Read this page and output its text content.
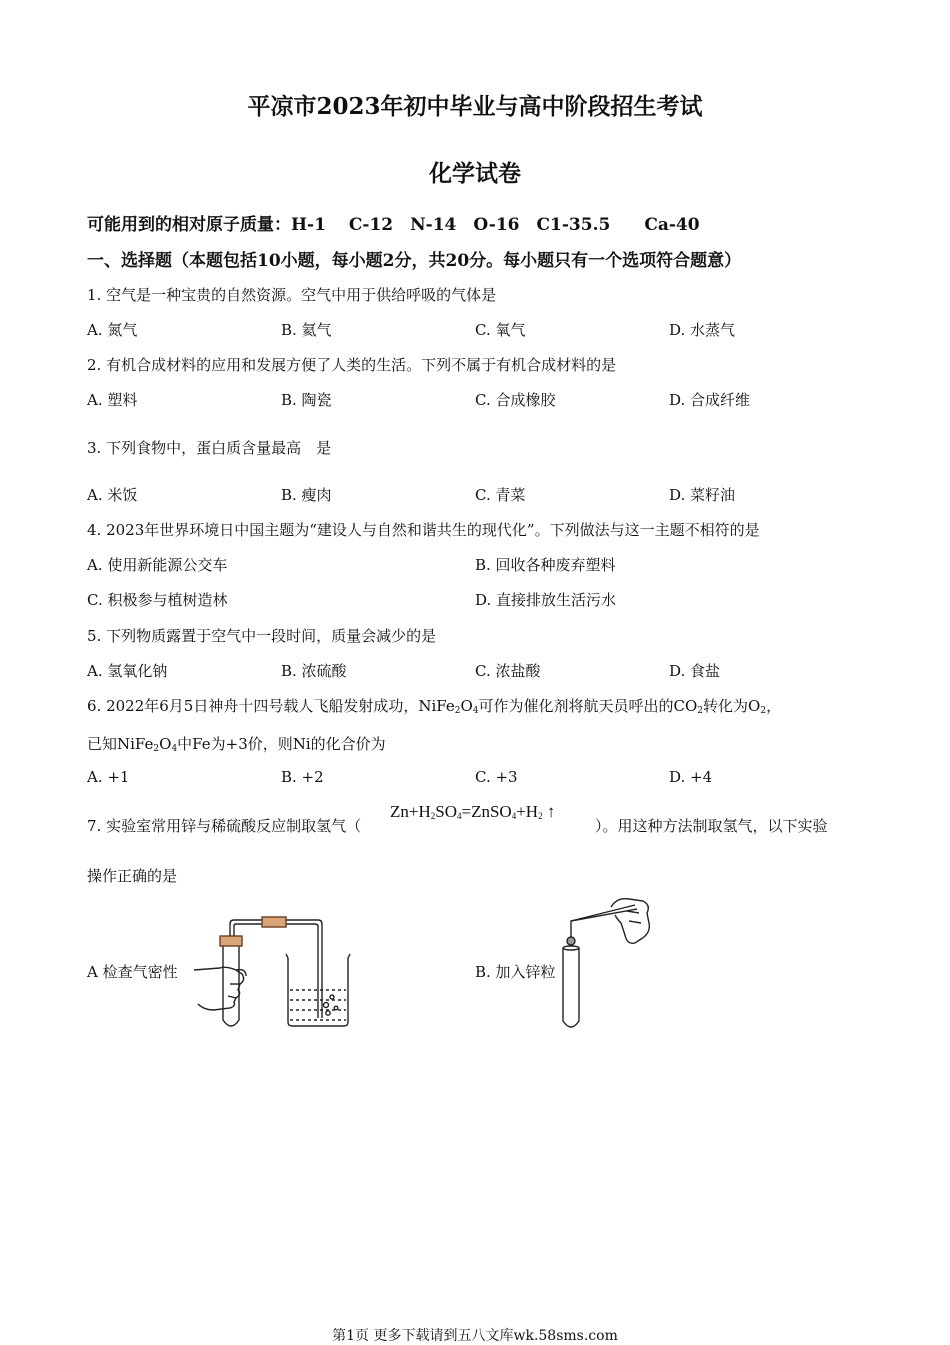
平凉市2023年初中毕业与高中阶段招生考试
化学试卷
可能用到的相对原子质量：H-1　 C-12　N-14　O-16　C1-35.5　　Ca-40
一、选择题（本题包括10小题，每小题2分，共20分。每小题只有一个选项符合题意）
1. 空气是一种宝贵的自然资源。空气中用于供给呼吸的气体是
A. 氮气	B. 氦气	C. 氧气	D. 水蒸气
2. 有机合成材料的应用和发展方便了人类的生活。下列不属于有机合成材料的是
A. 塑料	B. 陶瓷	C. 合成橡胶	D. 合成纤维
3. 下列食物中，蛋白质含量最高　是
A. 米饭	B. 瘦肉	C. 青菜	D. 菜籽油
4. 2023年世界环境日中国主题为“建设人与自然和谐共生的现代化”。下列做法与这一主题不相符的是
A. 使用新能源公交车	B. 回收各种废弃塑料
C. 积极参与植树造林	D. 直接排放生活污水
5. 下列物质露置于空气中一段时间，质量会减少的是
A. 氢氧化钠	B. 浓硫酸	C. 浓盐酸	D. 食盐
6. 2022年6月5日神舟十四号载人飞船发射成功，$NiFe_2O_4$可作为催化剂将航天员呼出的$CO_2$转化为$O_2$，
已知$NiFe_2O_4$中Fe为+3价，则Ni的化合价为
A. +1	B. +2	C. +3	D. +4
7. 实验室常用锌与稀硫酸反应制取氢气（
$Zn+H_2SO_4=ZnSO_4+H_2$ ↑
）。用这种方法制取氢气，以下实验
操作正确的是
A 检查气密性	B. 加入锌粒
第1页 更多下载请到五八文库wk.58sms.com
